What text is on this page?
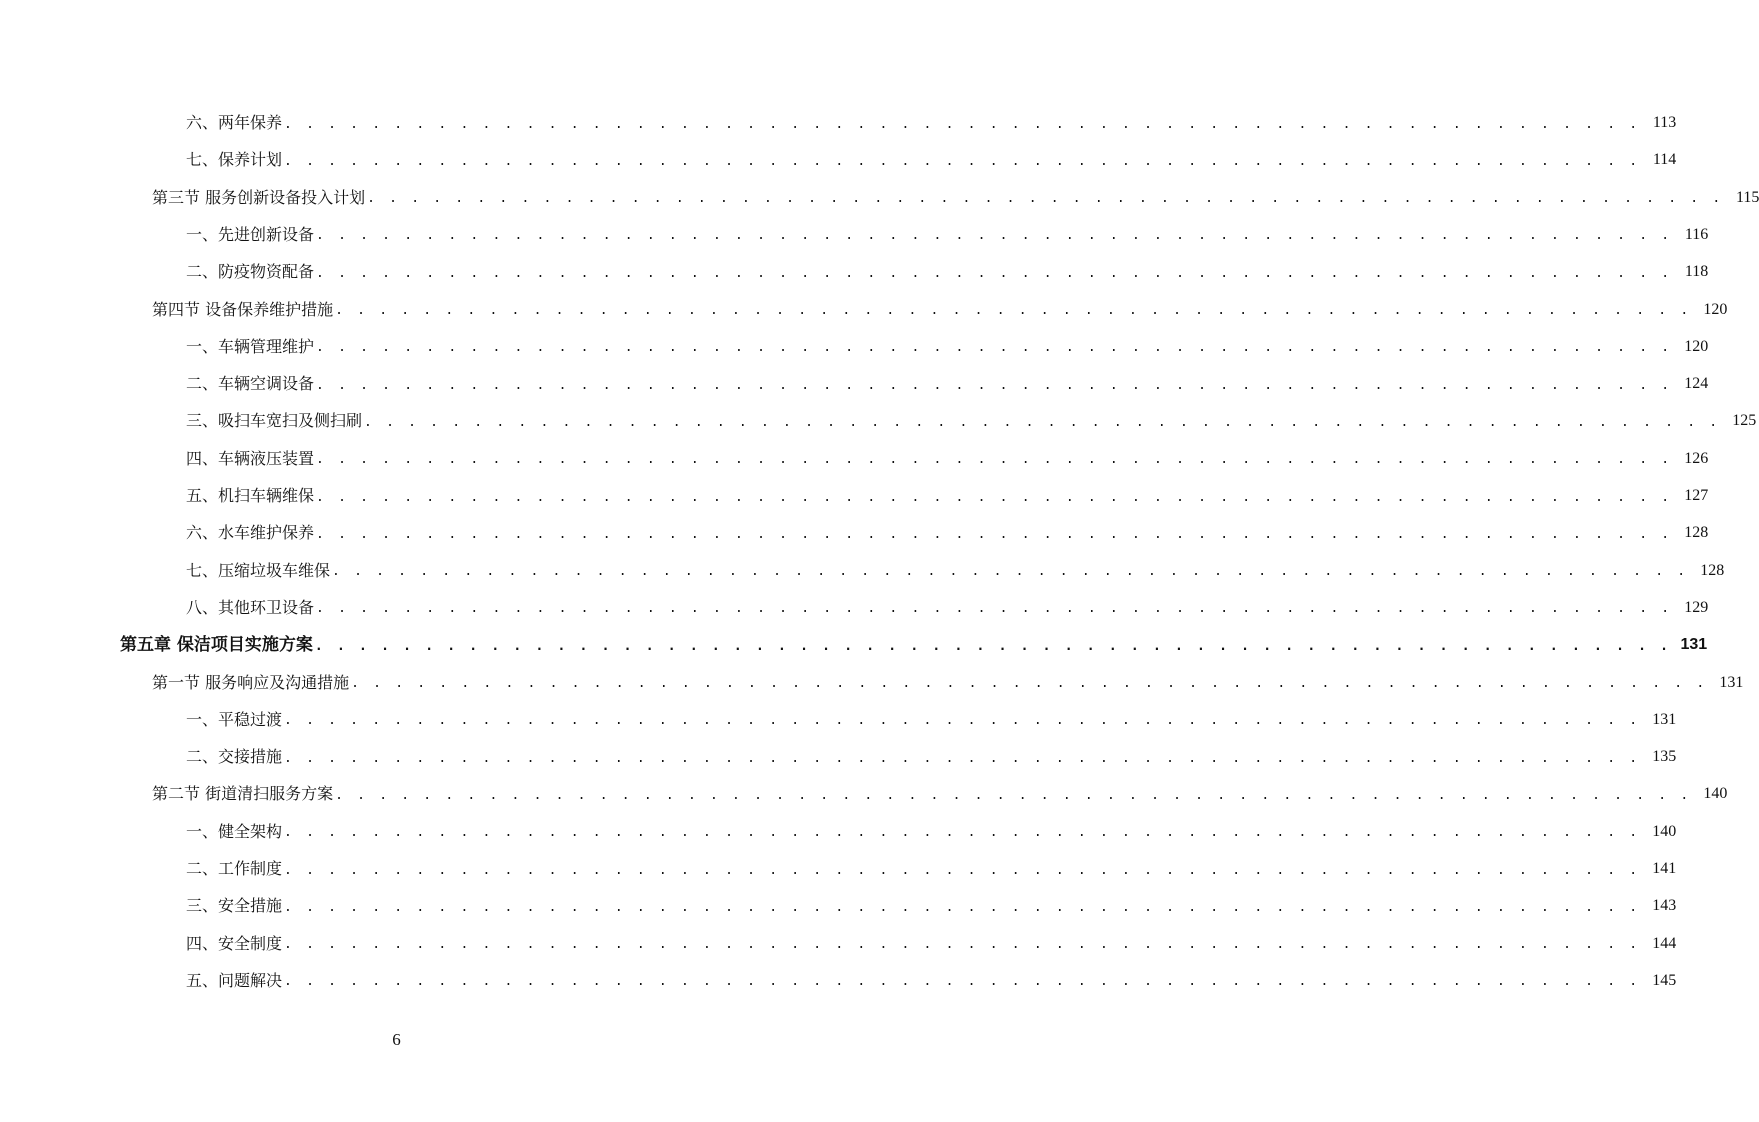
六、两年保养 . . . . . . . . . . . . . . . . . . . . . . . . . . . . . . . . . . . . . . . . . . . . . . . . . . . . . . . . . . . . . . 113
七、保养计划 . . . . . . . . . . . . . . . . . . . . . . . . . . . . . . . . . . . . . . . . . . . . . . . . . . . . . . . . . . . . . . 114
第三节 服务创新设备投入计划 . . . . . . . . . . . . . . . . . . . . . . . . . . . . . . . . . . . . . . . . . . . . . . . . . . . . . . . . . . . . . . 115
一、先进创新设备 . . . . . . . . . . . . . . . . . . . . . . . . . . . . . . . . . . . . . . . . . . . . . . . . . . . . . . . . . . . . . . 116
二、防疫物资配备 . . . . . . . . . . . . . . . . . . . . . . . . . . . . . . . . . . . . . . . . . . . . . . . . . . . . . . . . . . . . . . 118
第四节 设备保养维护措施 . . . . . . . . . . . . . . . . . . . . . . . . . . . . . . . . . . . . . . . . . . . . . . . . . . . . . . . . . . . . . . 120
一、车辆管理维护 . . . . . . . . . . . . . . . . . . . . . . . . . . . . . . . . . . . . . . . . . . . . . . . . . . . . . . . . . . . . . . 120
二、车辆空调设备 . . . . . . . . . . . . . . . . . . . . . . . . . . . . . . . . . . . . . . . . . . . . . . . . . . . . . . . . . . . . . . 124
三、吸扫车宽扫及侧扫刷 . . . . . . . . . . . . . . . . . . . . . . . . . . . . . . . . . . . . . . . . . . . . . . . . . . . . . . . . . . . . . . 125
四、车辆液压装置 . . . . . . . . . . . . . . . . . . . . . . . . . . . . . . . . . . . . . . . . . . . . . . . . . . . . . . . . . . . . . . 126
五、机扫车辆维保 . . . . . . . . . . . . . . . . . . . . . . . . . . . . . . . . . . . . . . . . . . . . . . . . . . . . . . . . . . . . . . 127
六、水车维护保养 . . . . . . . . . . . . . . . . . . . . . . . . . . . . . . . . . . . . . . . . . . . . . . . . . . . . . . . . . . . . . . 128
七、压缩垃圾车维保 . . . . . . . . . . . . . . . . . . . . . . . . . . . . . . . . . . . . . . . . . . . . . . . . . . . . . . . . . . . . . . 128
八、其他环卫设备 . . . . . . . . . . . . . . . . . . . . . . . . . . . . . . . . . . . . . . . . . . . . . . . . . . . . . . . . . . . . . . 129
第五章 保洁项目实施方案 . . . . . . . . . . . . . . . . . . . . . . . . . . . . . . . . . . . . . . . . . . . . . . . . . . . . . . . . . . . . . . 131
第一节 服务响应及沟通措施 . . . . . . . . . . . . . . . . . . . . . . . . . . . . . . . . . . . . . . . . . . . . . . . . . . . . . . . . . . . . . . 131
一、平稳过渡 . . . . . . . . . . . . . . . . . . . . . . . . . . . . . . . . . . . . . . . . . . . . . . . . . . . . . . . . . . . . . . 131
二、交接措施 . . . . . . . . . . . . . . . . . . . . . . . . . . . . . . . . . . . . . . . . . . . . . . . . . . . . . . . . . . . . . . 135
第二节 街道清扫服务方案 . . . . . . . . . . . . . . . . . . . . . . . . . . . . . . . . . . . . . . . . . . . . . . . . . . . . . . . . . . . . . . 140
一、健全架构 . . . . . . . . . . . . . . . . . . . . . . . . . . . . . . . . . . . . . . . . . . . . . . . . . . . . . . . . . . . . . . 140
二、工作制度 . . . . . . . . . . . . . . . . . . . . . . . . . . . . . . . . . . . . . . . . . . . . . . . . . . . . . . . . . . . . . . 141
三、安全措施 . . . . . . . . . . . . . . . . . . . . . . . . . . . . . . . . . . . . . . . . . . . . . . . . . . . . . . . . . . . . . . 143
四、安全制度 . . . . . . . . . . . . . . . . . . . . . . . . . . . . . . . . . . . . . . . . . . . . . . . . . . . . . . . . . . . . . . 144
五、问题解决 . . . . . . . . . . . . . . . . . . . . . . . . . . . . . . . . . . . . . . . . . . . . . . . . . . . . . . . . . . . . . . 145
6
